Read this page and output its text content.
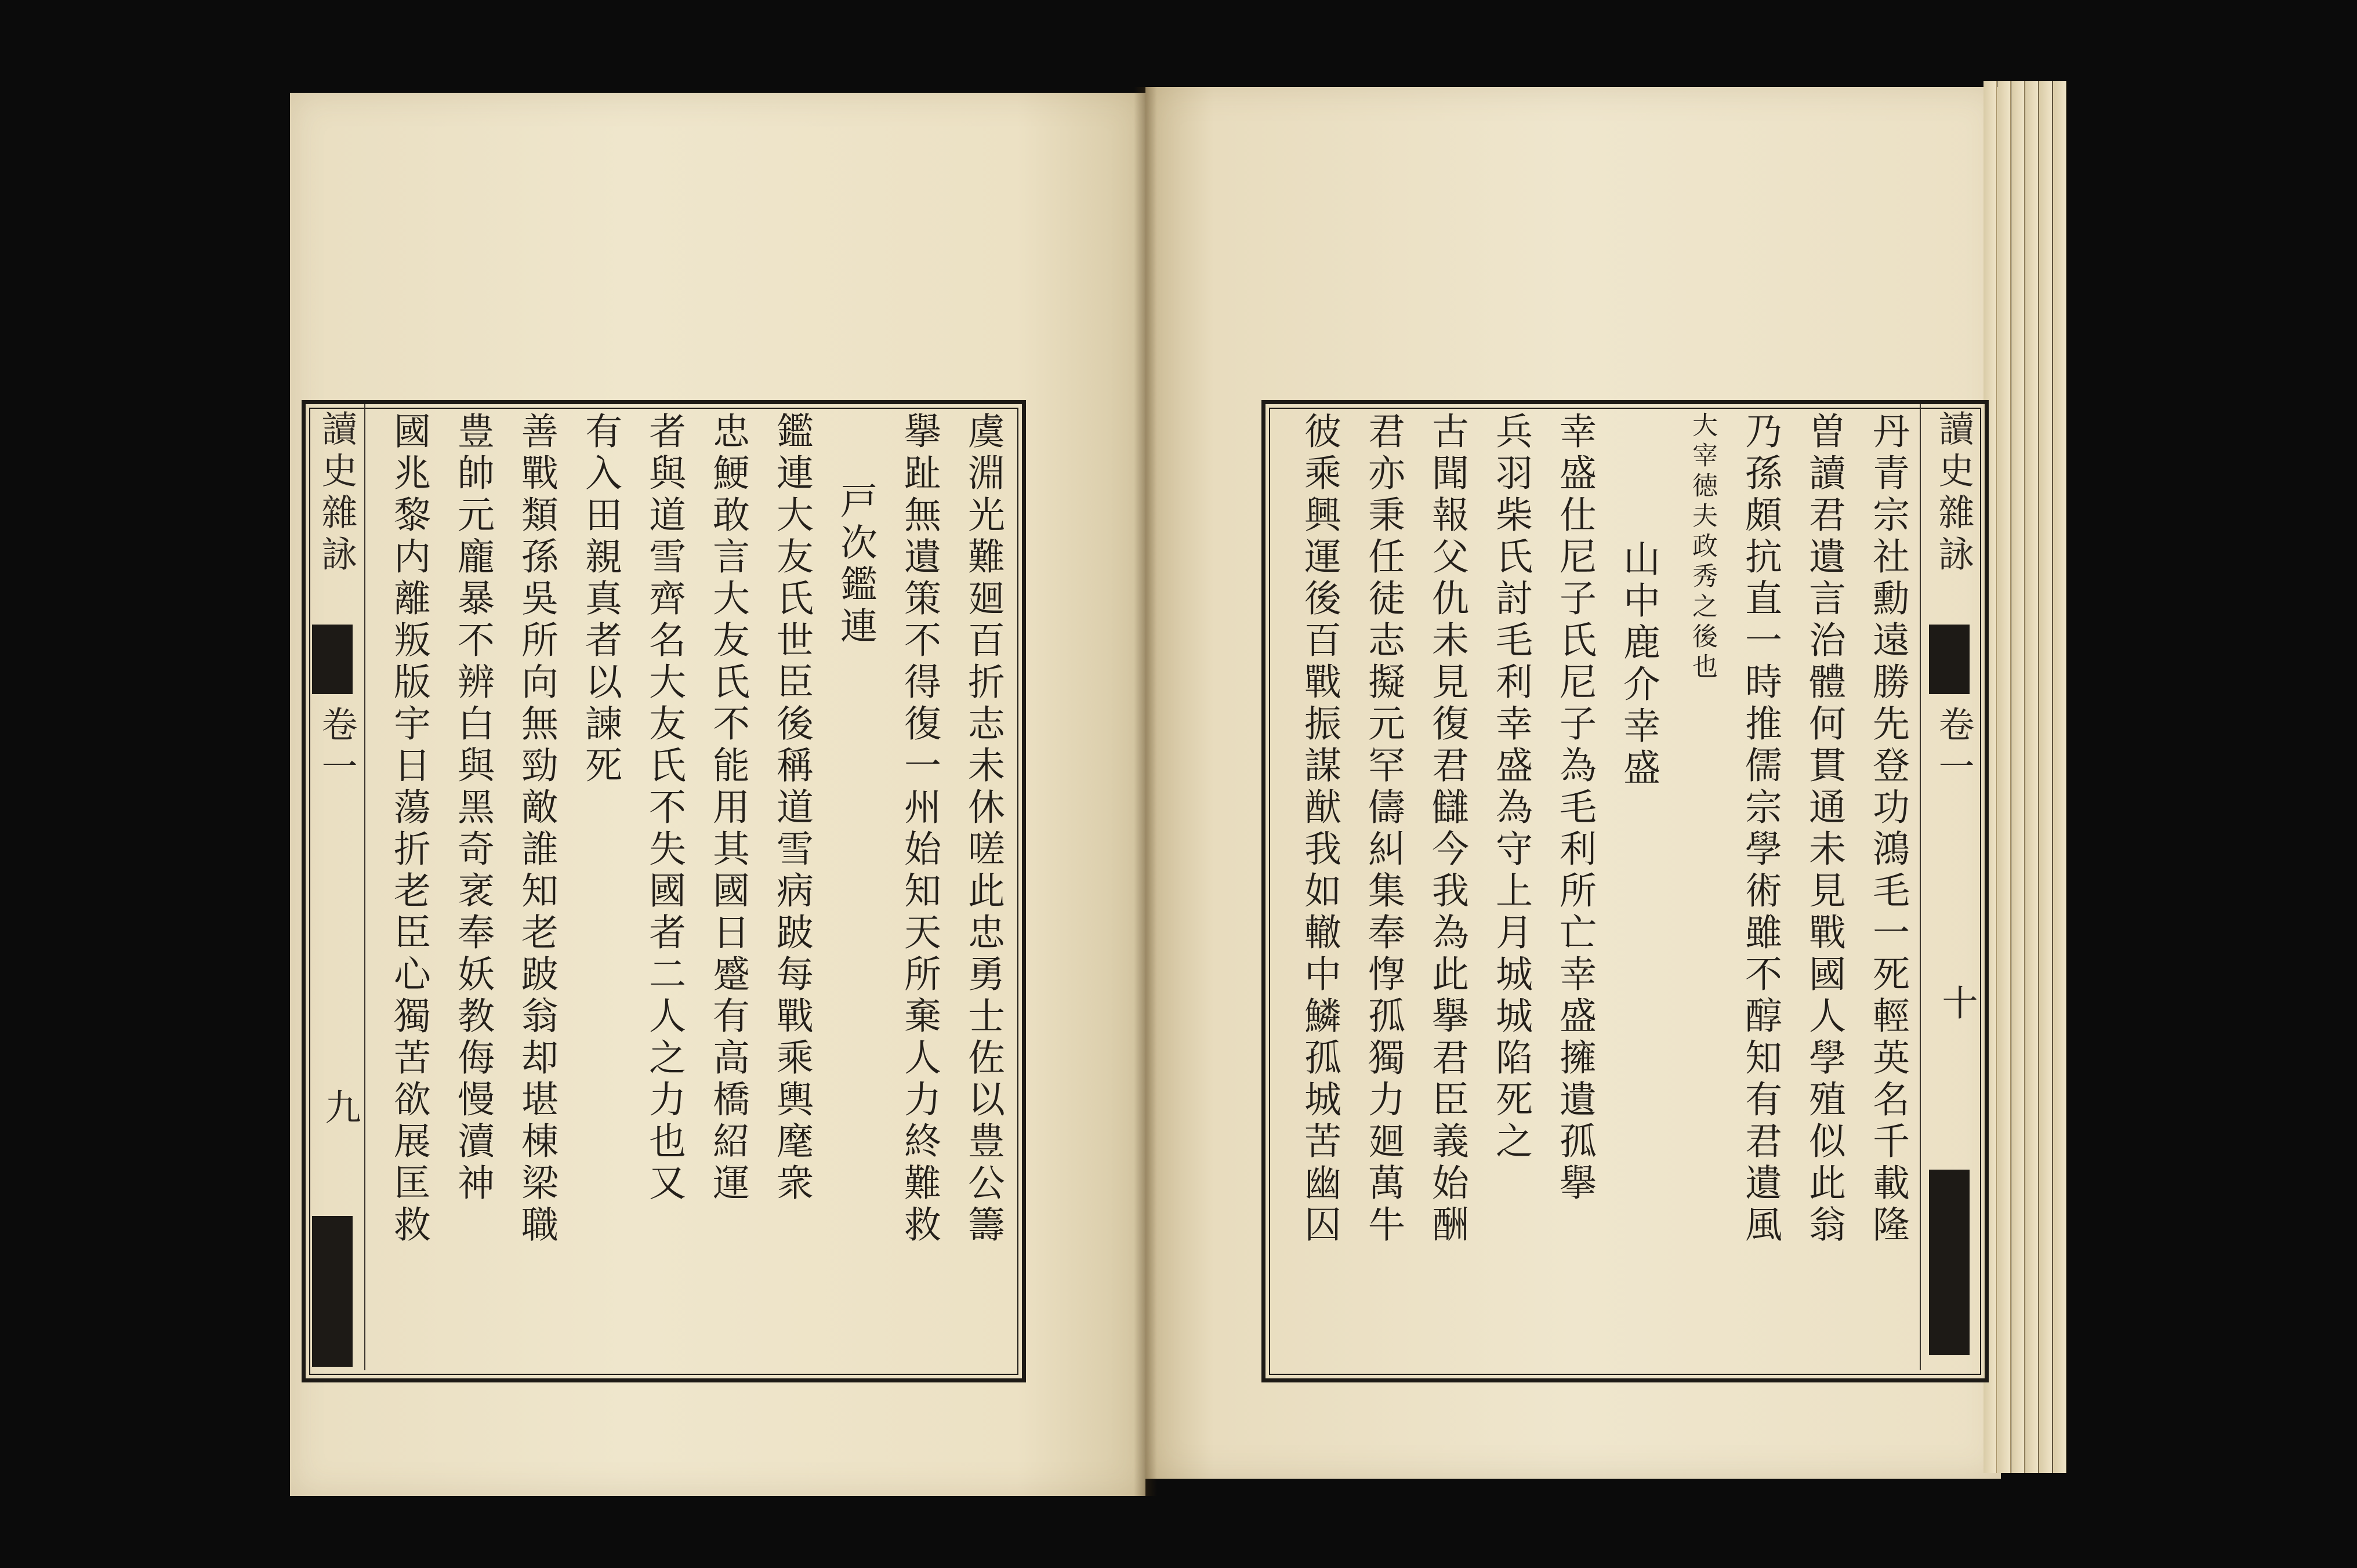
讀史雜詠
卷一
九	虞淵光難廻百折志未休嗟此忠勇士佐以豊公籌
擧趾無遺策不得復一州始知天所棄人力終難救
戸次鑑連
鑑連大友氏世臣後稱道雪病跛每戰乘輿麾衆
忠鯁敢言大友氏不能用其國日蹙有高橋紹運
者與道雪齊名大友氏不失國者二人之力也又
有入田親真者以諫死
善戰類孫吳所向無勁敵誰知老跛翁却堪棟梁職
豊帥元龐暴不辨白與黑奇衺奉妖教侮慢瀆神
國兆黎内離叛版宇日蕩折老臣心獨苦欲展匡救	讀史雜詠
卷一
十
丹青宗社勳遠勝先登功鴻毛一死輕英名千載隆
曽讀君遺言治體何貫通未見戰國人學殖似此翁
乃孫頗抗直一時推儒宗學術雖不醇知有君遺風
大宰徳夫政秀之後也
山中鹿介幸盛
幸盛仕尼子氏尼子為毛利所亡幸盛擁遺孤擧
兵羽柴氏討毛利幸盛為守上月城城陷死之
古聞報父仇未見復君讎今我為此擧君臣義始酬
君亦秉任徒志擬元罕儔糾集奉惸孤獨力廻萬牛
彼乘興運後百戰振謀猷我如轍中鱗孤城苦幽囚
